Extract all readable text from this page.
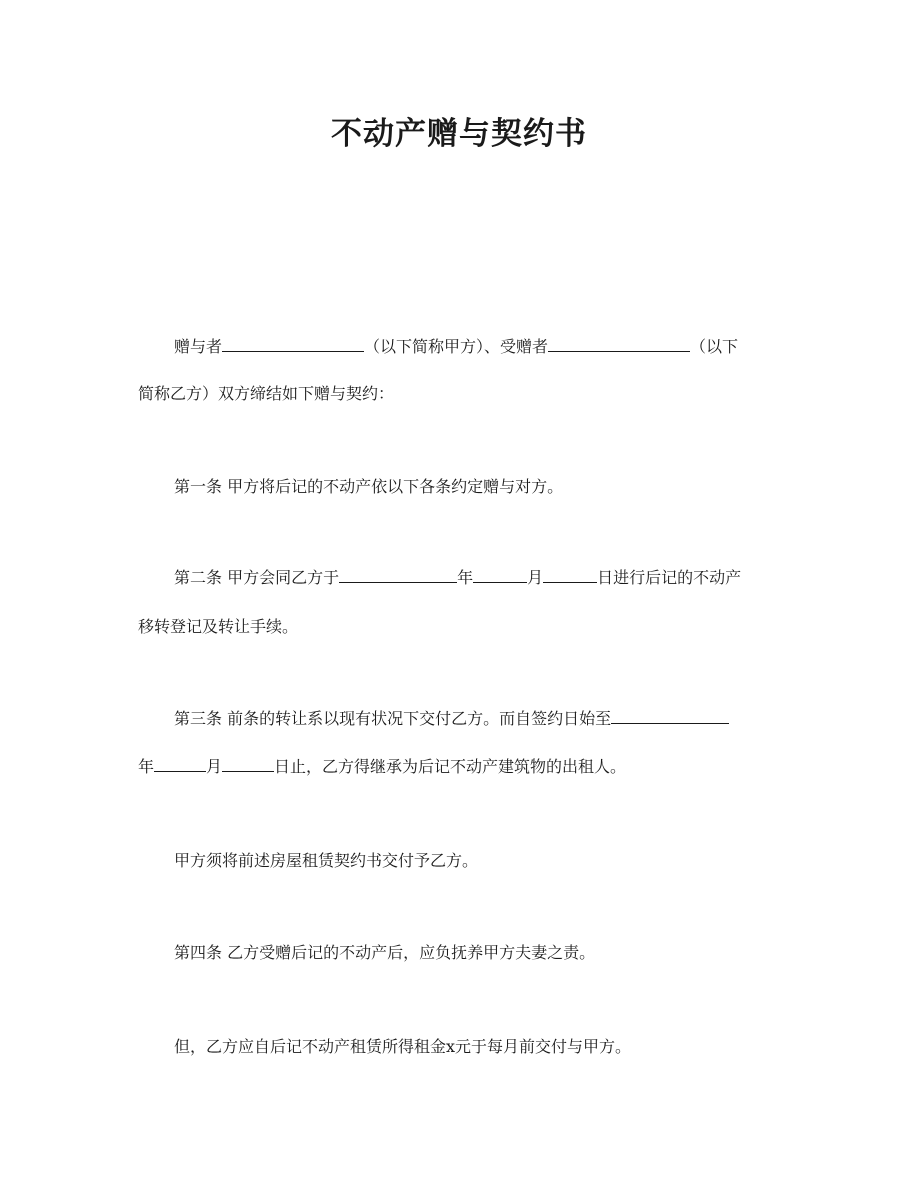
不动产赠与契约书
赠与者	（以下简称甲方）、受赠者	（以下
简称乙方）双方缔结如下赠与契约：
第一条 甲方将后记的不动产依以下各条约定赠与对方。
第二条 甲方会同乙方于	年	月	日进行后记的不动产
移转登记及转让手续。
第三条 前条的转让系以现有状况下交付乙方。而自签约日始至
年	月	日止，乙方得继承为后记不动产建筑物的出租人。
甲方须将前述房屋租赁契约书交付予乙方。
第四条 乙方受赠后记的不动产后，应负抚养甲方夫妻之责。
但，乙方应自后记不动产租赁所得租金x元于每月前交付与甲方。
